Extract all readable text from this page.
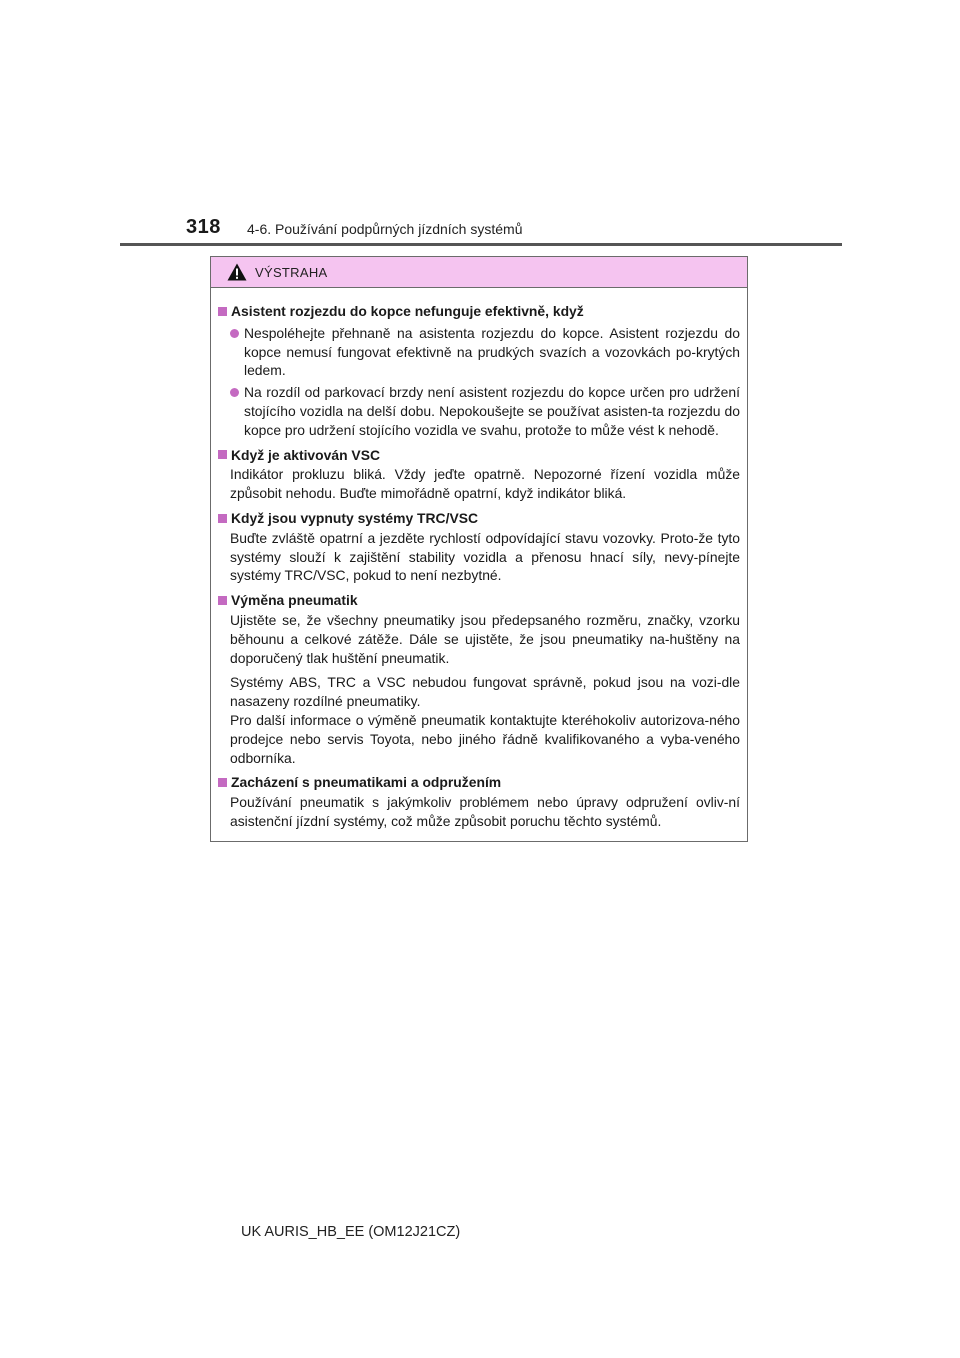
318 4-6. Používání podpůrných jízdních systémů
VÝSTRAHA
Asistent rozjezdu do kopce nefunguje efektivně, když
Nespoléhejte přehnaně na asistenta rozjezdu do kopce. Asistent rozjezdu do kopce nemusí fungovat efektivně na prudkých svazích a vozovkách po-krytých ledem.
Na rozdíl od parkovací brzdy není asistent rozjezdu do kopce určen pro udržení stojícího vozidla na delší dobu. Nepokoušejte se používat asisten-ta rozjezdu do kopce pro udržení stojícího vozidla ve svahu, protože to může vést k nehodě.
Když je aktivován VSC
Indikátor prokluzu bliká. Vždy jeďte opatrně. Nepozorné řízení vozidla může způsobit nehodu. Buďte mimořádně opatrní, když indikátor bliká.
Když jsou vypnuty systémy TRC/VSC
Buďte zvláště opatrní a jezděte rychlostí odpovídající stavu vozovky. Proto-že tyto systémy slouží k zajištění stability vozidla a přenosu hnací síly, nevy-pínejte systémy TRC/VSC, pokud to není nezbytné.
Výměna pneumatik
Ujistěte se, že všechny pneumatiky jsou předepsaného rozměru, značky, vzorku běhounu a celkové zátěže. Dále se ujistěte, že jsou pneumatiky na-huštěny na doporučený tlak huštění pneumatik.
Systémy ABS, TRC a VSC nebudou fungovat správně, pokud jsou na vozi-dle nasazeny rozdílné pneumatiky.
Pro další informace o výměně pneumatik kontaktujte kteréhokoliv autorizova-ného prodejce nebo servis Toyota, nebo jiného řádně kvalifikovaného a vyba-veného odborníka.
Zacházení s pneumatikami a odpružením
Používání pneumatik s jakýmkoliv problémem nebo úpravy odpružení ovliv-ní asistenční jízdní systémy, což může způsobit poruchu těchto systémů.
UK AURIS_HB_EE (OM12J21CZ)
